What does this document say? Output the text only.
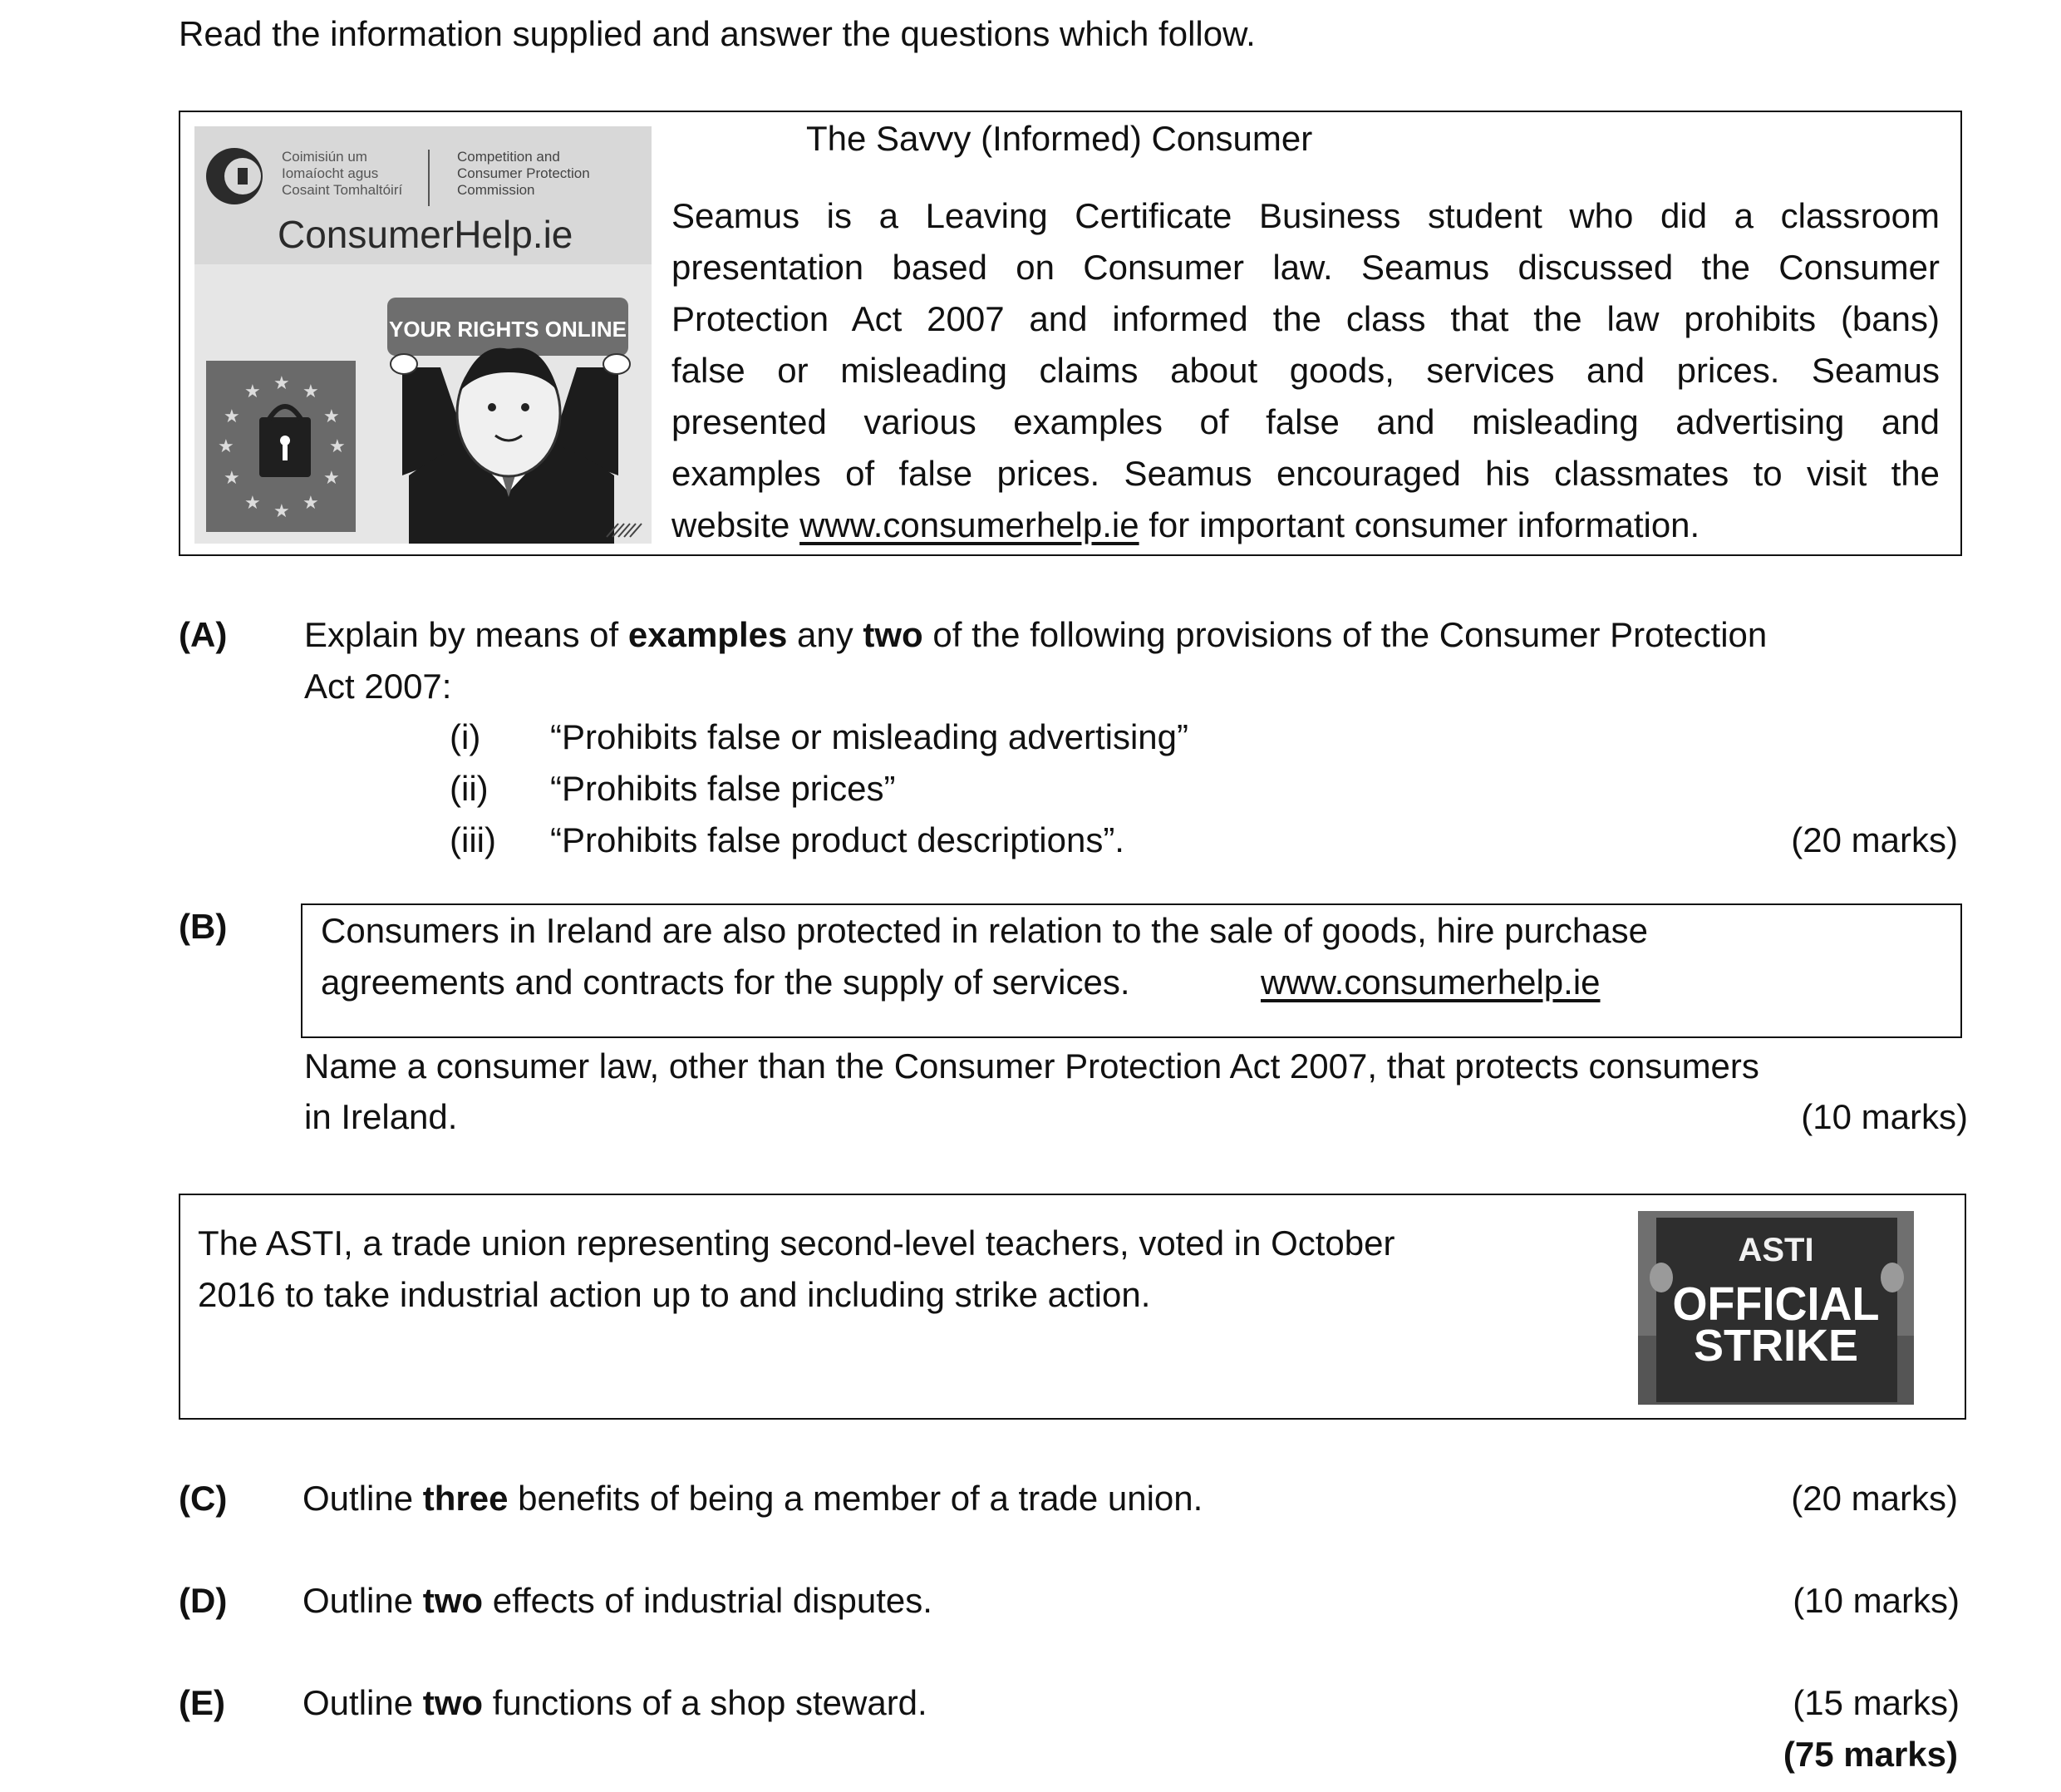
Read the information supplied and answer the questions which follow.
Coimisiún um
Iomaíocht agus
Cosaint Tomhaltóirí
Competition and
Consumer Protection
Commission
ConsumerHelp.ie
YOUR RIGHTS ONLINE
★ ★ ★
★	★
★	★
★	★
★ ★ ★
The Savvy (Informed) Consumer
Seamus is a Leaving Certificate Business student who did a classroom
presentation based on Consumer law. Seamus discussed the Consumer
Protection Act 2007 and informed the class that the law prohibits (bans)
false or misleading claims about goods, services and prices. Seamus
presented various examples of false and misleading advertising and
examples of false prices. Seamus encouraged his classmates to visit the
website www.consumerhelp.ie for important consumer information.
(A) Explain by means of examples any two of the following provisions of the Consumer Protection
Act 2007:
(i) “Prohibits false or misleading advertising”
(ii) “Prohibits false prices”
(iii) “Prohibits false product descriptions”.	(20 marks)
(B)	Consumers in Ireland are also protected in relation to the sale of goods, hire purchase
agreements and contracts for the supply of services.	www.consumerhelp.ie
Name a consumer law, other than the Consumer Protection Act 2007, that protects consumers
in Ireland.	(10 marks)
The ASTI, a trade union representing second-level teachers, voted in October
2016 to take industrial action up to and including strike action.
ASTI
OFFICIAL
STRIKE
(C) Outline three benefits of being a member of a trade union.	(20 marks)
(D) Outline two effects of industrial disputes.	(10 marks)
(E) Outline two functions of a shop steward.	(15 marks)
(75 marks)
